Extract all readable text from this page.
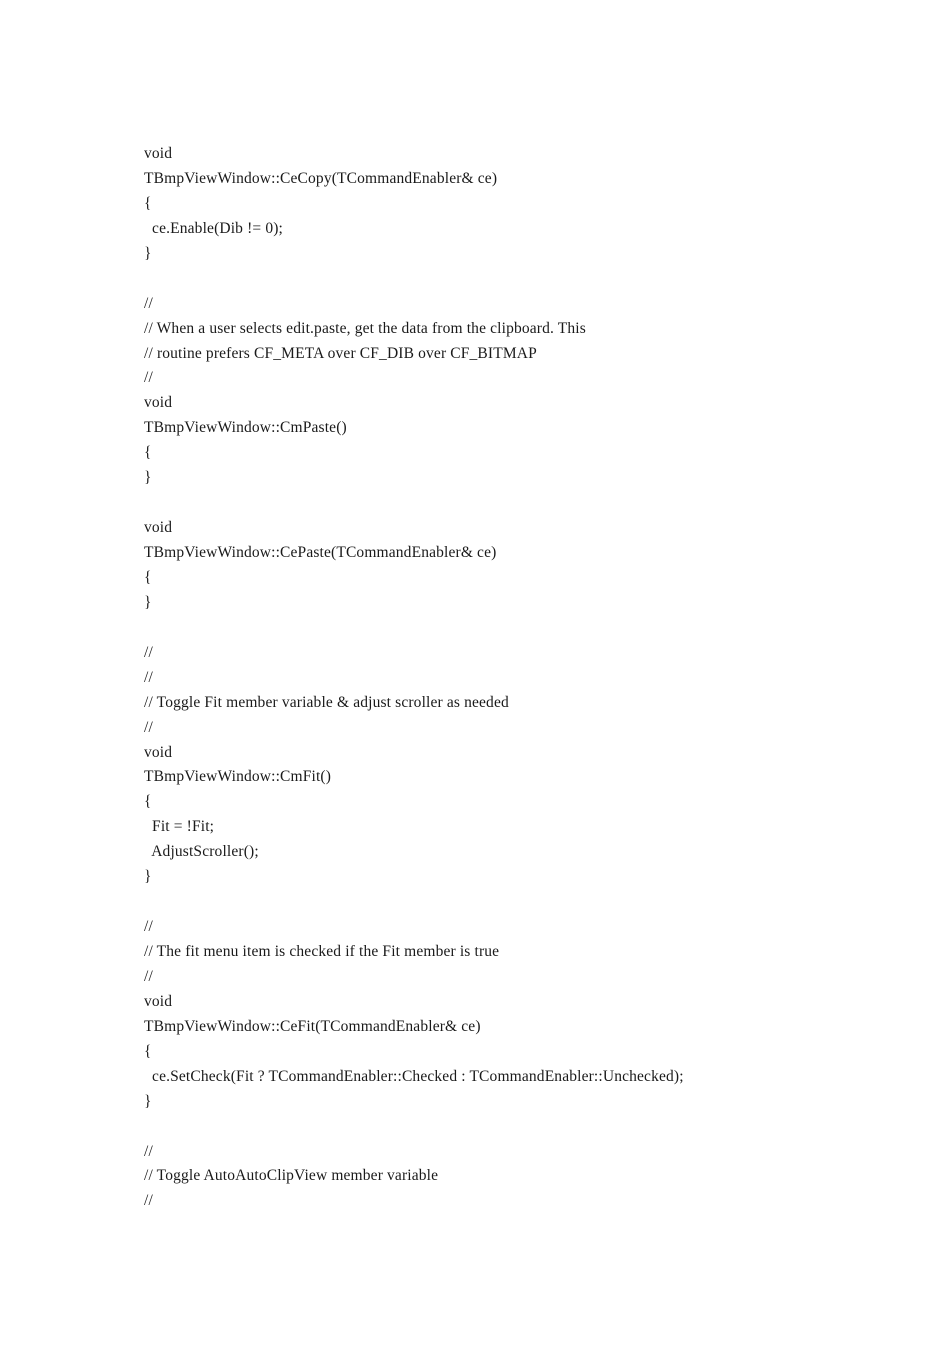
void
TBmpViewWindow::CeCopy(TCommandEnabler& ce)
{
ce.Enable(Dib != 0);
}
//
// When a user selects edit.paste, get the data from the clipboard. This
// routine prefers CF_META over CF_DIB over CF_BITMAP
//
void
TBmpViewWindow::CmPaste()
{
}
void
TBmpViewWindow::CePaste(TCommandEnabler& ce)
{
}
//
//
// Toggle Fit member variable & adjust scroller as needed
//
void
TBmpViewWindow::CmFit()
{
Fit = !Fit;
AdjustScroller();
}
//
// The fit menu item is checked if the Fit member is true
//
void
TBmpViewWindow::CeFit(TCommandEnabler& ce)
{
ce.SetCheck(Fit ? TCommandEnabler::Checked : TCommandEnabler::Unchecked);
}
//
// Toggle AutoAutoClipView member variable
//
